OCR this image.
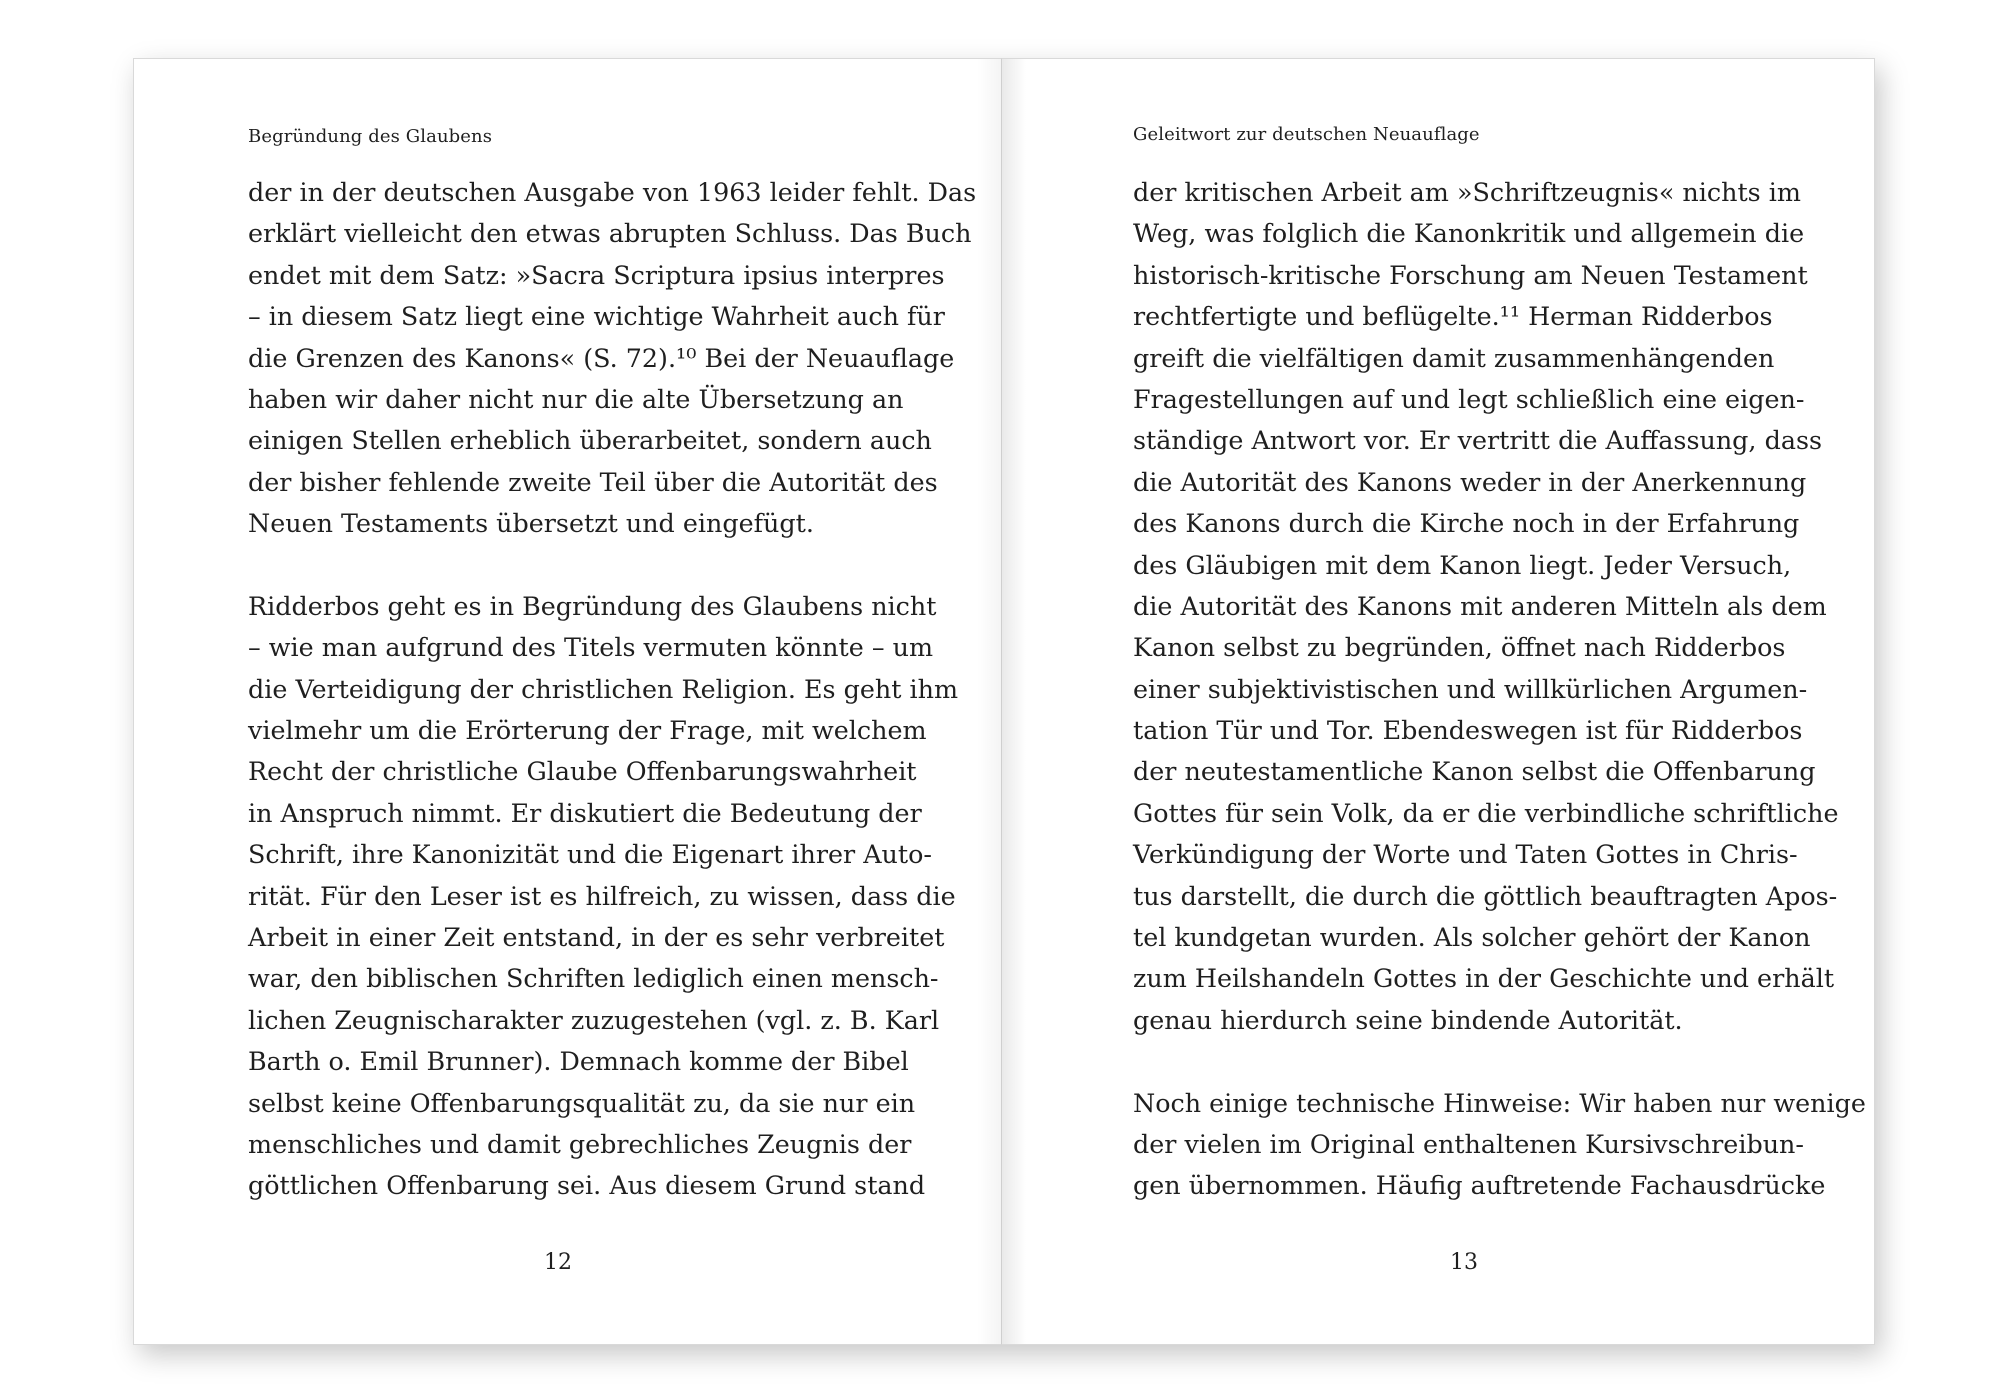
Begründung des Glaubens
der in der deutschen Ausgabe von 1963 leider fehlt. Das
erklärt vielleicht den etwas abrupten Schluss. Das Buch
endet mit dem Satz: »Sacra Scriptura ipsius interpres
– in diesem Satz liegt eine wichtige Wahrheit auch für
die Grenzen des Kanons« (S. 72).¹⁰ Bei der Neuauflage
haben wir daher nicht nur die alte Übersetzung an
einigen Stellen erheblich überarbeitet, sondern auch
der bisher fehlende zweite Teil über die Autorität des
Neuen Testaments übersetzt und eingefügt.
Ridderbos geht es in Begründung des Glaubens nicht
– wie man aufgrund des Titels vermuten könnte – um
die Verteidigung der christlichen Religion. Es geht ihm
vielmehr um die Erörterung der Frage, mit welchem
Recht der christliche Glaube Offenbarungswahrheit
in Anspruch nimmt. Er diskutiert die Bedeutung der
Schrift, ihre Kanonizität und die Eigenart ihrer Auto-
rität. Für den Leser ist es hilfreich, zu wissen, dass die
Arbeit in einer Zeit entstand, in der es sehr verbreitet
war, den biblischen Schriften lediglich einen mensch-
lichen Zeugnischarakter zuzugestehen (vgl. z. B. Karl
Barth o. Emil Brunner). Demnach komme der Bibel
selbst keine Offenbarungsqualität zu, da sie nur ein
menschliches und damit gebrechliches Zeugnis der
göttlichen Offenbarung sei. Aus diesem Grund stand
12
Geleitwort zur deutschen Neuauflage
der kritischen Arbeit am »Schriftzeugnis« nichts im
Weg, was folglich die Kanonkritik und allgemein die
historisch-kritische Forschung am Neuen Testament
rechtfertigte und beflügelte.¹¹ Herman Ridderbos
greift die vielfältigen damit zusammenhängenden
Fragestellungen auf und legt schließlich eine eigen-
ständige Antwort vor. Er vertritt die Auffassung, dass
die Autorität des Kanons weder in der Anerkennung
des Kanons durch die Kirche noch in der Erfahrung
des Gläubigen mit dem Kanon liegt. Jeder Versuch,
die Autorität des Kanons mit anderen Mitteln als dem
Kanon selbst zu begründen, öffnet nach Ridderbos
einer subjektivistischen und willkürlichen Argumen-
tation Tür und Tor. Ebendeswegen ist für Ridderbos
der neutestamentliche Kanon selbst die Offenbarung
Gottes für sein Volk, da er die verbindliche schriftliche
Verkündigung der Worte und Taten Gottes in Chris-
tus darstellt, die durch die göttlich beauftragten Apos-
tel kundgetan wurden. Als solcher gehört der Kanon
zum Heilshandeln Gottes in der Geschichte und erhält
genau hierdurch seine bindende Autorität.
Noch einige technische Hinweise: Wir haben nur wenige
der vielen im Original enthaltenen Kursivschreibun-
gen übernommen. Häufig auftretende Fachausdrücke
13
